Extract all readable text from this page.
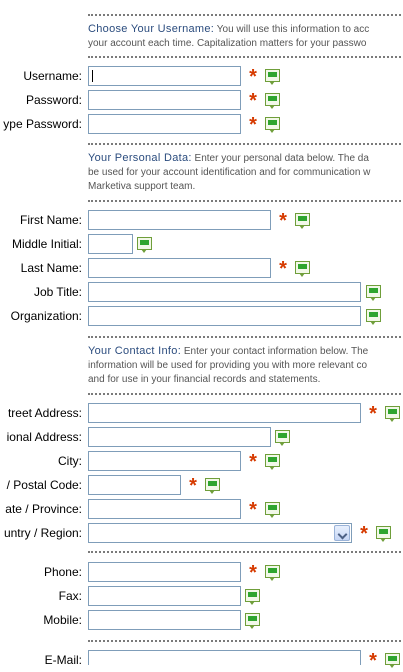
Choose Your Username: You will use this information to acc
your account each time. Capitalization matters for your passwo
Username:	*
Password:	*
ype Password:	*
Your Personal Data: Enter your personal data below. The da
be used for your account identification and for communication w
Marketiva support team.
First Name:	*
Middle Initial:
Last Name:	*
Job Title:
Organization:
Your Contact Info: Enter your contact information below. The
information will be used for providing you with more relevant co
and for use in your financial records and statements.
treet Address:	*
ional Address:
City:	*
/ Postal Code:	*
ate / Province:	*
untry / Region:	*
Phone:	*
Fax:
Mobile:
E-Mail:	*
